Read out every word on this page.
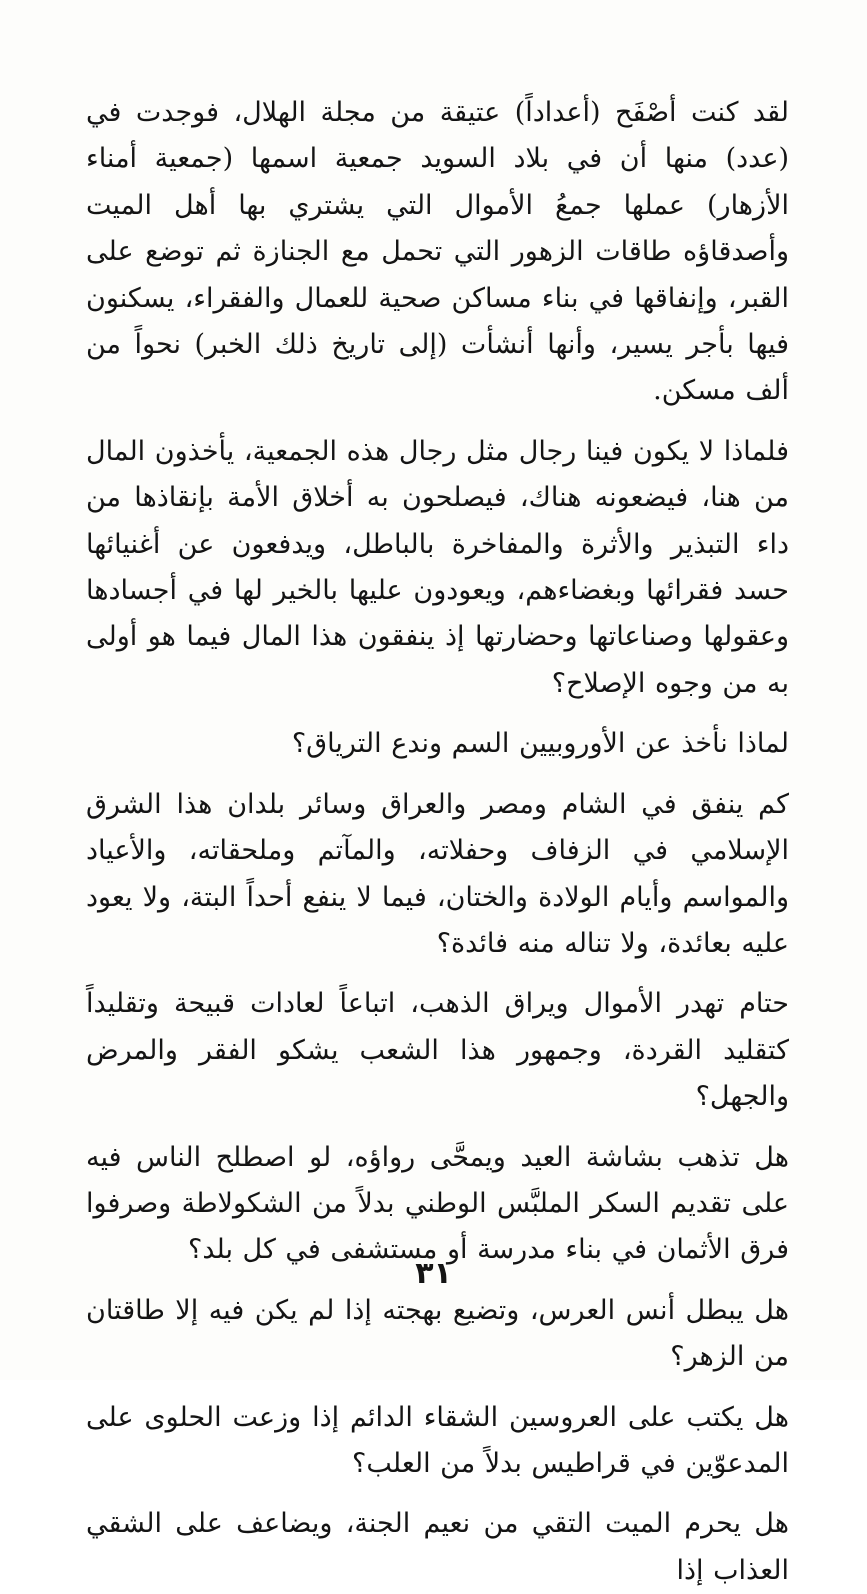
لقد كنت أصْفَح (أعداداً) عتيقة من مجلة الهلال، فوجدت في (عدد) منها أن في بلاد السويد جمعية اسمها (جمعية أمناء الأزهار) عملها جمعُ الأموال التي يشتري بها أهل الميت وأصدقاؤه طاقات الزهور التي تحمل مع الجنازة ثم توضع على القبر، وإنفاقها في بناء مساكن صحية للعمال والفقراء، يسكنون فيها بأجر يسير، وأنها أنشأت (إلى تاريخ ذلك الخبر) نحواً من ألف مسكن.

فلماذا لا يكون فينا رجال مثل رجال هذه الجمعية، يأخذون المال من هنا، فيضعونه هناك، فيصلحون به أخلاق الأمة بإنقاذها من داء التبذير والأثرة والمفاخرة بالباطل، ويدفعون عن أغنيائها حسد فقرائها وبغضاءهم، ويعودون عليها بالخير لها في أجسادها وعقولها وصناعاتها وحضارتها إذ ينفقون هذا المال فيما هو أولى به من وجوه الإصلاح؟

لماذا نأخذ عن الأوروبيين السم وندع الترياق؟

كم ينفق في الشام ومصر والعراق وسائر بلدان هذا الشرق الإسلامي في الزفاف وحفلاته، والمآتم وملحقاته، والأعياد والمواسم وأيام الولادة والختان، فيما لا ينفع أحداً البتة، ولا يعود عليه بعائدة، ولا تناله منه فائدة؟

حتام تهدر الأموال ويراق الذهب، اتباعاً لعادات قبيحة وتقليداً كتقليد القردة، وجمهور هذا الشعب يشكو الفقر والمرض والجهل؟

هل تذهب بشاشة العيد ويمحَّى رواؤه، لو اصطلح الناس فيه على تقديم السكر الملبَّس الوطني بدلاً من الشكولاطة وصرفوا فرق الأثمان في بناء مدرسة أو مستشفى في كل بلد؟

هل يبطل أنس العرس، وتضيع بهجته إذا لم يكن فيه إلا طاقتان من الزهر؟

هل يكتب على العروسين الشقاء الدائم إذا وزعت الحلوى على المدعوّين في قراطيس بدلاً من العلب؟

هل يحرم الميت التقي من نعيم الجنة، ويضاعف على الشقي العذاب إذا

٣١
